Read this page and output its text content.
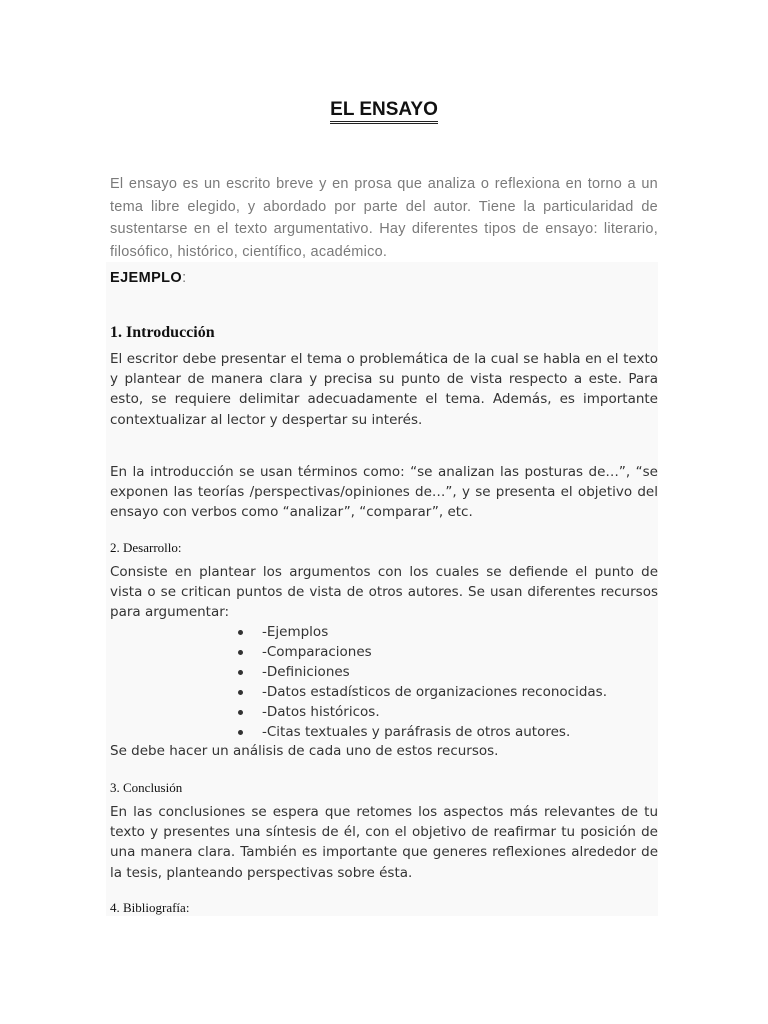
EL ENSAYO

El ensayo es un escrito breve y en prosa que analiza o reflexiona en torno a un tema libre elegido, y abordado por parte del autor. Tiene la particularidad de sustentarse en el texto argumentativo. Hay diferentes tipos de ensayo: literario, filosófico, histórico, científico, académico.

EJEMPLO:
1. Introducción

El escritor debe presentar el tema o problemática de la cual se habla en el texto y plantear de manera clara y precisa su punto de vista respecto a este. Para esto, se requiere delimitar adecuadamente el tema. Además, es importante contextualizar al lector y despertar su interés.

En la introducción se usan términos como: “se analizan las posturas de…”, “se exponen las teorías /perspectivas/opiniones de…”, y se presenta el objetivo del ensayo con verbos como “analizar”, “comparar”, etc.

2. Desarrollo:

Consiste en plantear los argumentos con los cuales se defiende el punto de vista o se critican puntos de vista de otros autores. Se usan diferentes recursos para argumentar:

-Ejemplos
-Comparaciones
-Definiciones
-Datos estadísticos de organizaciones reconocidas.
-Datos históricos.
-Citas textuales y paráfrasis de otros autores.

Se debe hacer un análisis de cada uno de estos recursos.

3. Conclusión

En las conclusiones se espera que retomes los aspectos más relevantes de tu texto y presentes una síntesis de él, con el objetivo de reafirmar tu posición de una manera clara. También es importante que generes reflexiones alrededor de la tesis, planteando perspectivas sobre ésta.

4. Bibliografía:
